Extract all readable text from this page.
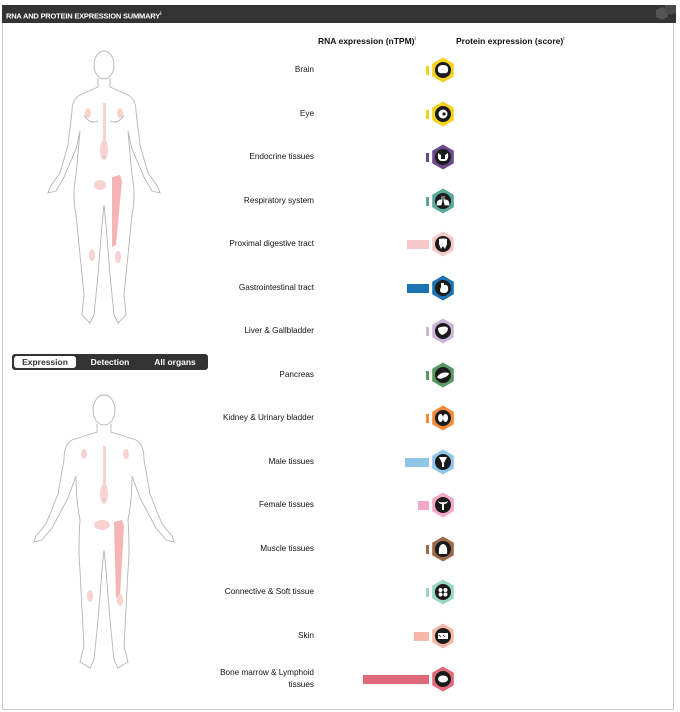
RNA AND PROTEIN EXPRESSION SUMMARY$^i$
RNA expression (nTPM)$^i$	Protein expression (score)$^i$
Expression	Detection	All organs
Brain
Eye
Endocrine tissues
Respiratory system
Proximal digestive tract
Gastrointestinal tract
Liver & Gallbladder
Pancreas
Kidney & Urinary bladder
Male tissues
Female tissues
Muscle tissues
Connective & Soft tissue
Skin
Bone marrow & Lymphoid tissues
